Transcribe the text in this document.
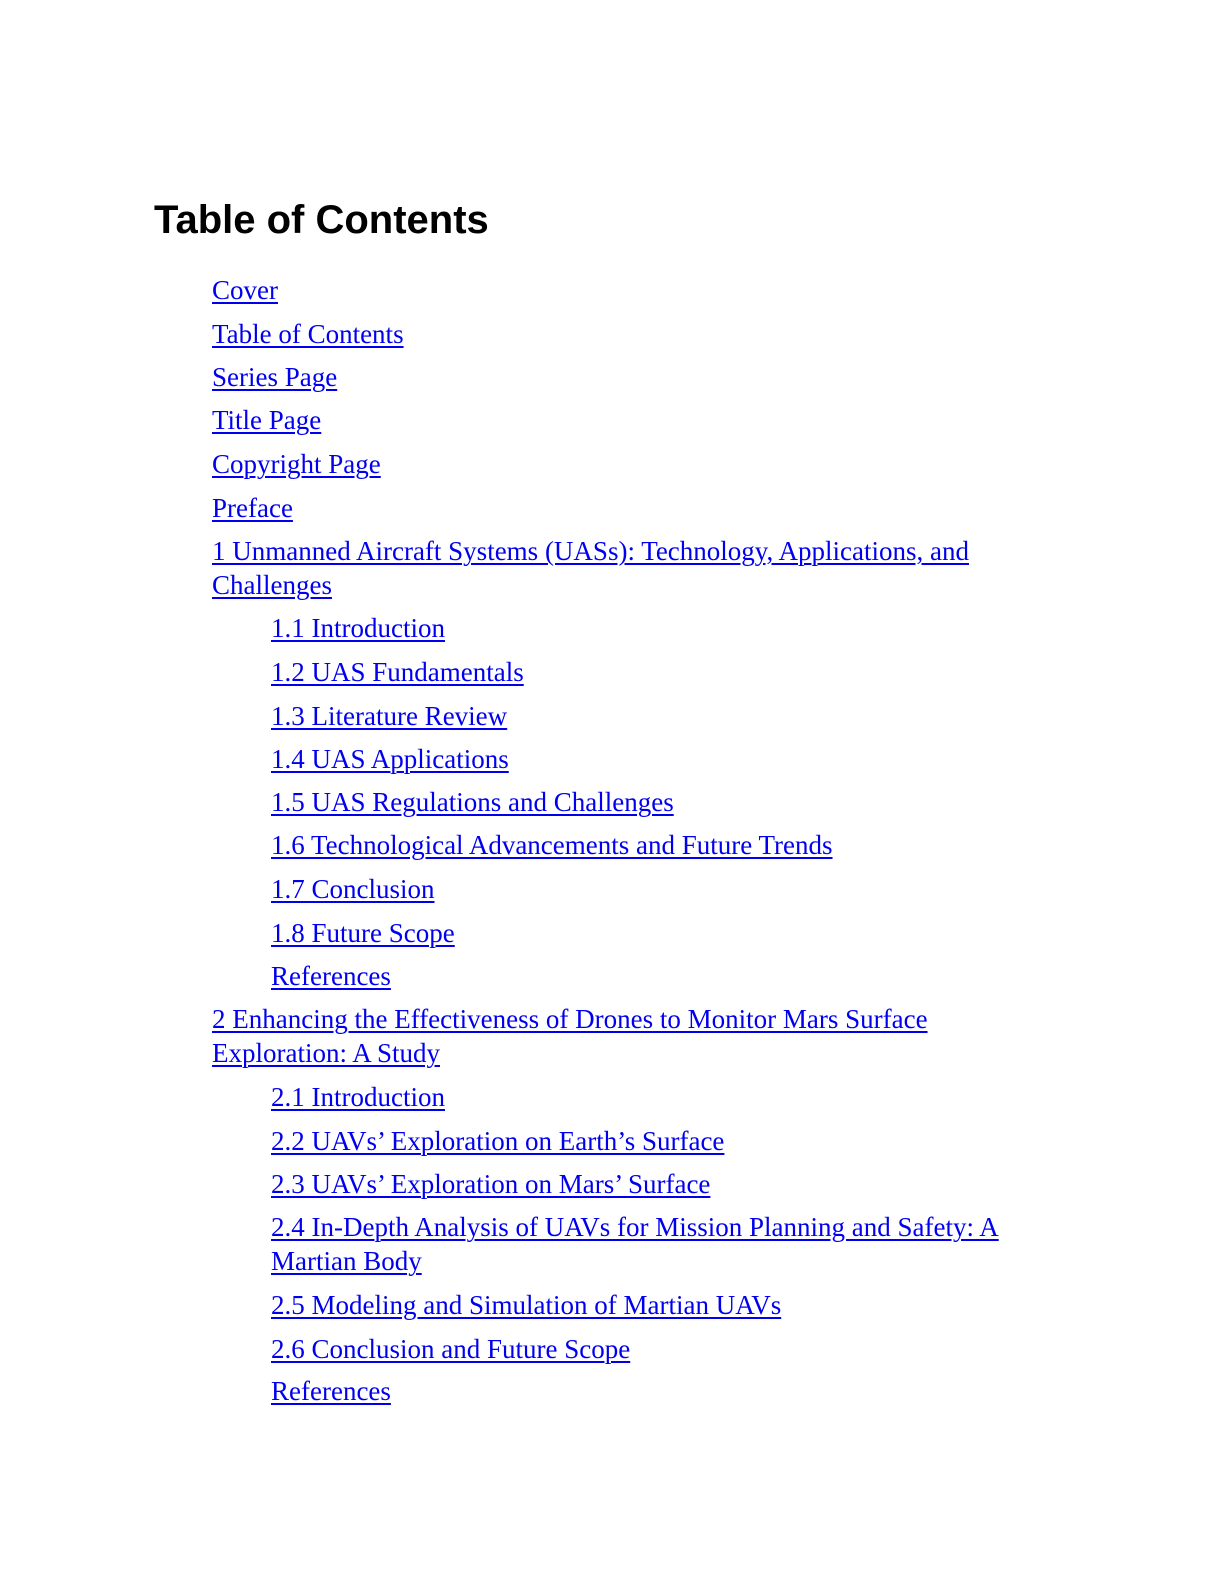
Table of Contents
Cover
Table of Contents
Series Page
Title Page
Copyright Page
Preface
1 Unmanned Aircraft Systems (UASs): Technology, Applications, and Challenges
1.1 Introduction
1.2 UAS Fundamentals
1.3 Literature Review
1.4 UAS Applications
1.5 UAS Regulations and Challenges
1.6 Technological Advancements and Future Trends
1.7 Conclusion
1.8 Future Scope
References
2 Enhancing the Effectiveness of Drones to Monitor Mars Surface Exploration: A Study
2.1 Introduction
2.2 UAVs’ Exploration on Earth’s Surface
2.3 UAVs’ Exploration on Mars’ Surface
2.4 In-Depth Analysis of UAVs for Mission Planning and Safety: A Martian Body
2.5 Modeling and Simulation of Martian UAVs
2.6 Conclusion and Future Scope
References
